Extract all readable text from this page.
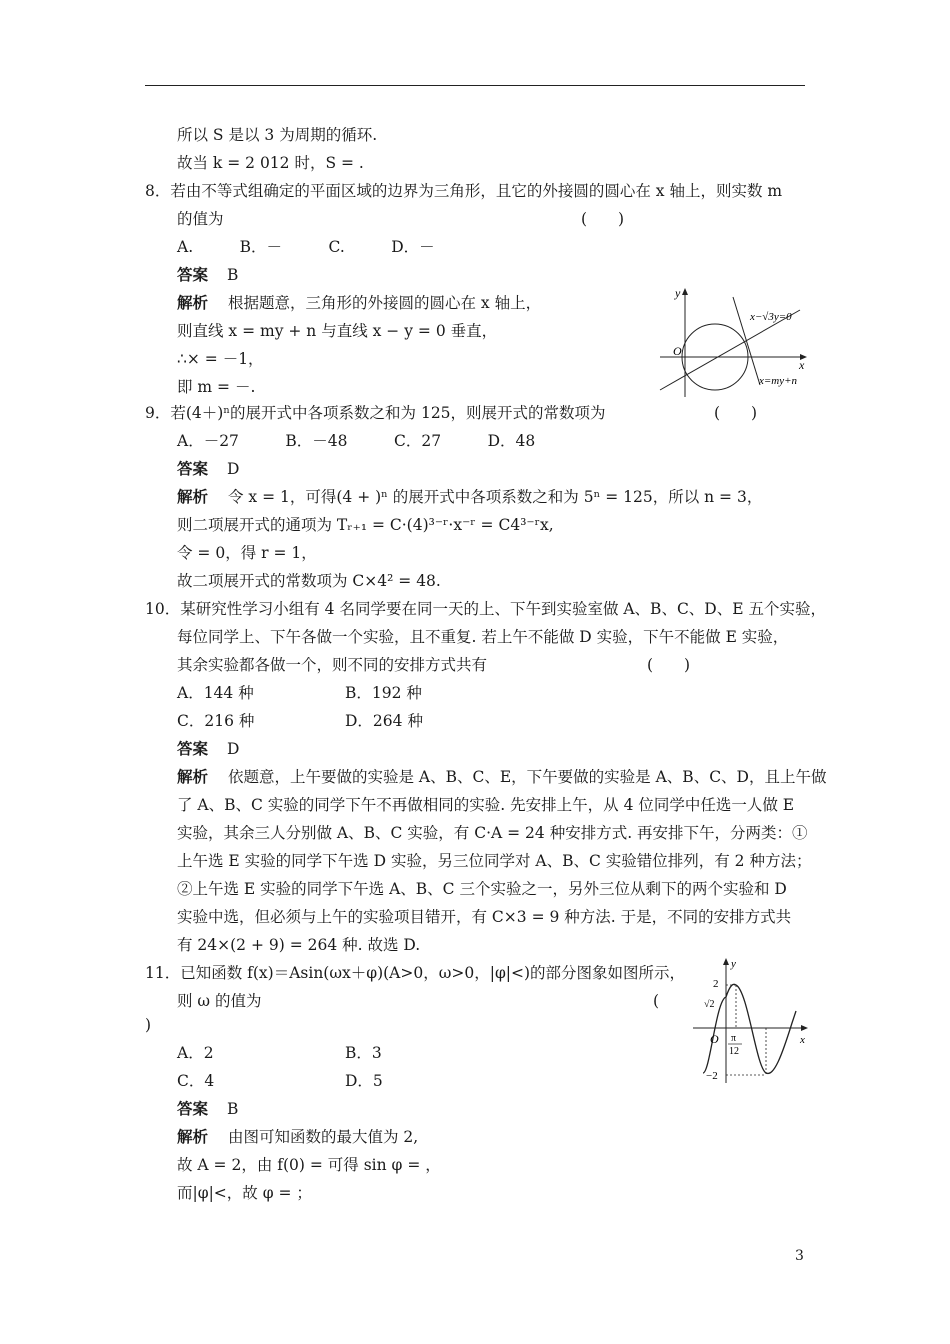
所以 S 是以 3 为周期的循环.
故当 k = 2 012 时，S = .
8．若由不等式组确定的平面区域的边界为三角形，且它的外接圆的圆心在 x 轴上，则实数 m
的值为	(　　)
A.　　　B．－　　　C.　　　D．－
答案 B
解析 根据题意，三角形的外接圆的圆心在 x 轴上，
则直线 x = my + n 与直线 x − y = 0 垂直，
∴× = －1，
即 m = －.
y
x
O
x−√3y=0
x=my+n
9．若(4＋)ⁿ的展开式中各项系数之和为 125，则展开式的常数项为	(　　)
A．－27　　　B．－48　　　C．27　　　D．48
答案 D
解析 令 x = 1，可得(4 + )ⁿ 的展开式中各项系数之和为 5ⁿ = 125，所以 n = 3，
则二项展开式的通项为 Tᵣ₊₁ = C·(4)³⁻ʳ·x⁻ʳ = C4³⁻ʳx,
令 = 0，得 r = 1，
故二项展开式的常数项为 C×4² = 48.
10．某研究性学习小组有 4 名同学要在同一天的上、下午到实验室做 A、B、C、D、E 五个实验，
每位同学上、下午各做一个实验，且不重复. 若上午不能做 D 实验，下午不能做 E 实验，
其余实验都各做一个，则不同的安排方式共有	(　　)
A．144 种	B．192 种
C．216 种	D．264 种
答案 D
解析 依题意，上午要做的实验是 A、B、C、E，下午要做的实验是 A、B、C、D，且上午做
了 A、B、C 实验的同学下午不再做相同的实验. 先安排上午，从 4 位同学中任选一人做 E
实验，其余三人分别做 A、B、C 实验，有 C·A = 24 种安排方式. 再安排下午，分两类：①
上午选 E 实验的同学下午选 D 实验，另三位同学对 A、B、C 实验错位排列，有 2 种方法；
②上午选 E 实验的同学下午选 A、B、C 三个实验之一，另外三位从剩下的两个实验和 D
实验中选，但必须与上午的实验项目错开，有 C×3 = 9 种方法. 于是，不同的安排方式共
有 24×(2 + 9) = 264 种. 故选 D.
11．已知函数 f(x)＝Asin(ωx＋φ)(A>0，ω>0，|φ|<)的部分图象如图所示，
则 ω 的值为	(
)
A．2	B．3
C．4	D．5
答案 B
解析 由图可知函数的最大值为 2,
故 A = 2，由 f(0) = 可得 sin φ = ，
而|φ|<，故 φ = ；
y
x
O
2
√2
−2
π
12
3
